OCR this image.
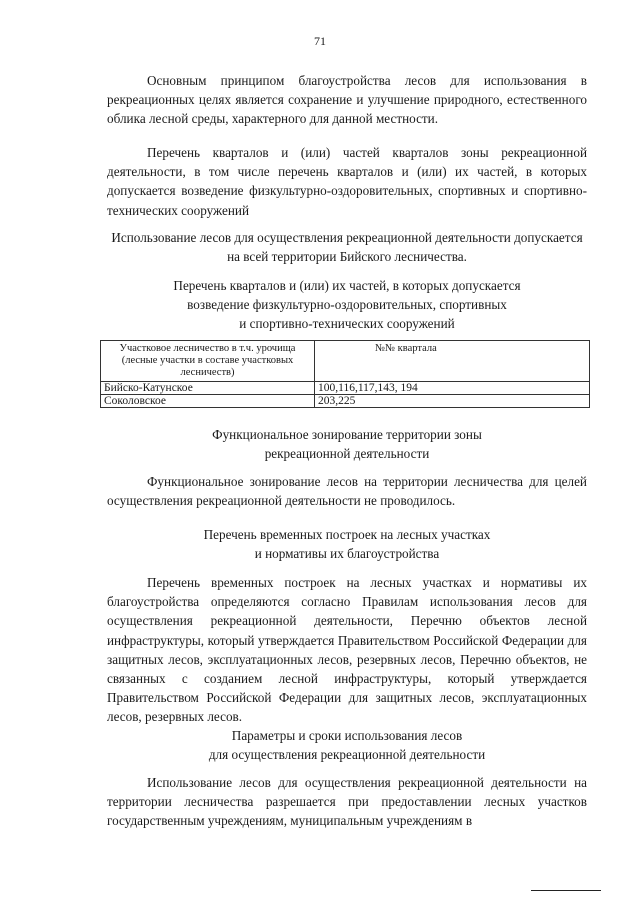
71

Основным принципом благоустройства лесов для использования в рекреационных целях является сохранение и улучшение природного, естественного облика лесной среды, характерного для данной местности.

Перечень кварталов и (или) частей кварталов зоны рекреационной деятельности, в том числе перечень кварталов и (или) их частей, в которых допускается возведение физкультурно-оздоровительных, спортивных и спортивно-технических сооружений

Использование лесов для осуществления рекреационной деятельности допускается на всей территории Бийского лесничества.

Перечень кварталов и (или) их частей, в которых допускается
возведение физкультурно-оздоровительных, спортивных
и спортивно-технических сооружений
Участковое лесничество в т.ч. урочища (лесные участки в составе участковых лесничеств)	№№ квартала
Бийско-Катунское	100,116,117,143, 194
Соколовское	203,225
Функциональное зонирование территории зоны
рекреационной деятельности

Функциональное зонирование лесов на территории лесничества для целей осуществления рекреационной деятельности не проводилось.

Перечень временных построек на лесных участках
и нормативы их благоустройства

Перечень временных построек на лесных участках и нормативы их благоустройства определяются согласно Правилам использования лесов для осуществления рекреационной деятельности, Перечню объектов лесной инфраструктуры, который утверждается Правительством Российской Федерации для защитных лесов, эксплуатационных лесов, резервных лесов, Перечню объектов, не связанных с созданием лесной инфраструктуры, который утверждается Правительством Российской Федерации для защитных лесов, эксплуатационных лесов, резервных лесов.

Параметры и сроки использования лесов
для осуществления рекреационной деятельности

Использование лесов для осуществления рекреационной деятельности на территории лесничества разрешается при предоставлении лесных участков государственным учреждениям, муниципальным учреждениям в
